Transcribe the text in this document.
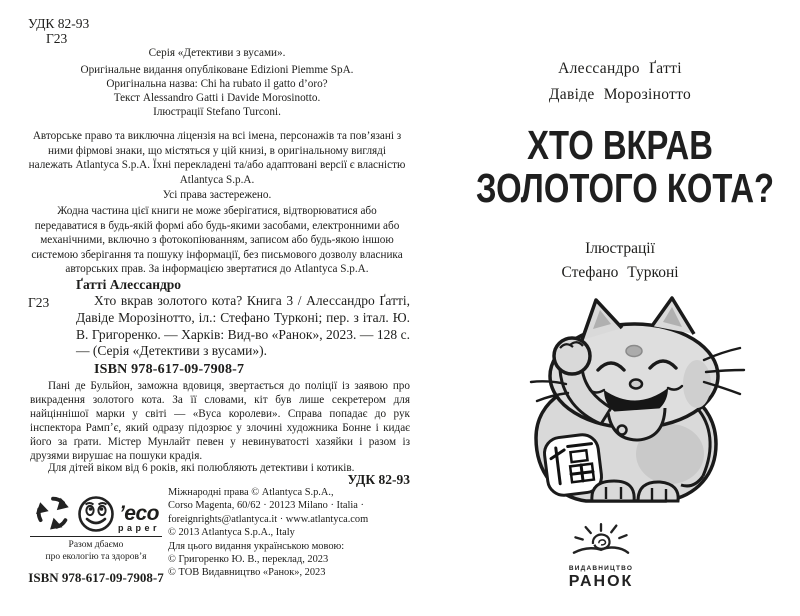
УДК 82-93
Г23
Серія «Детективи з вусами».
Оригінальне видання опубліковане Edizioni Piemme SpA.
Оригінальна назва: Chi ha rubato il gatto d’oro?
Текст Alessandro Gatti і Davide Morosinotto.
Ілюстрації Stefano Turconi.
Авторське право та виключна ліцензія на всі імена, персонажів та пов’язані з ними фірмові знаки, що містяться у цій книзі, в оригінальному вигляді належать Atlantyca S.p.A. Їхні перекладені та/або адаптовані версії є власністю Atlantyca S.p.A.
Усі права застережено.
Жодна частина цієї книги не може зберігатися, відтворюватися або передаватися в будь-якій формі або будь-якими засобами, електронними або механічними, включно з фотокопіюванням, записом або будь-якою іншою системою зберігання та пошуку інформації, без письмового дозволу власника авторських прав. За інформацією звертатися до Atlantyca S.p.A.
Ґатті Алессандро
Г23	Хто вкрав золотого кота? Книга 3 / Алессандро Ґатті, Давіде Морозінотто, іл.: Стефано Турконі; пер. з італ. Ю. В. Григоренко. — Харків: Вид-во «Ранок», 2023. — 128 с. — (Серія «Детективи з вусами»).
ISBN 978-617-09-7908-7
Пані де Бульйон, заможна вдовиця, звертається до поліції із заявою про викрадення золотого кота. За її словами, кіт був лише секретером для найціннішої марки у світі — «Вуса королеви». Справа попадає до рук інспектора Рампʼє, який одразу підозрює у злочині художника Бонне і кидає його за ґрати. Містер Мунлайт певен у невинуватості хазяйки і разом із друзями вирушає на пошуки крадія.
Для дітей віком від 6 років, які полюбляють детективи і котиків.
УДК 82-93
’eco
paper
Разом дбаємо
про екологію та здоров’я
ISBN 978-617-09-7908-7
Міжнародні права © Atlantyca S.p.A.,
Corso Magenta, 60/62 · 20123 Milano · Italia ·
foreignrights@atlantyca.it · www.atlantyca.com
© 2013 Atlantyca S.p.A., Italy
Для цього видання українською мовою:
© Григоренко Ю. В., переклад, 2023
© ТОВ Видавництво «Ранок», 2023
Алессандро Ґатті
Давіде Морозінотто
ХТО ВКРАВ
ЗОЛОТОГО КОТА?
Ілюстрації
Стефано Турконі
ВИДАВНИЦТВО
РАНОК
